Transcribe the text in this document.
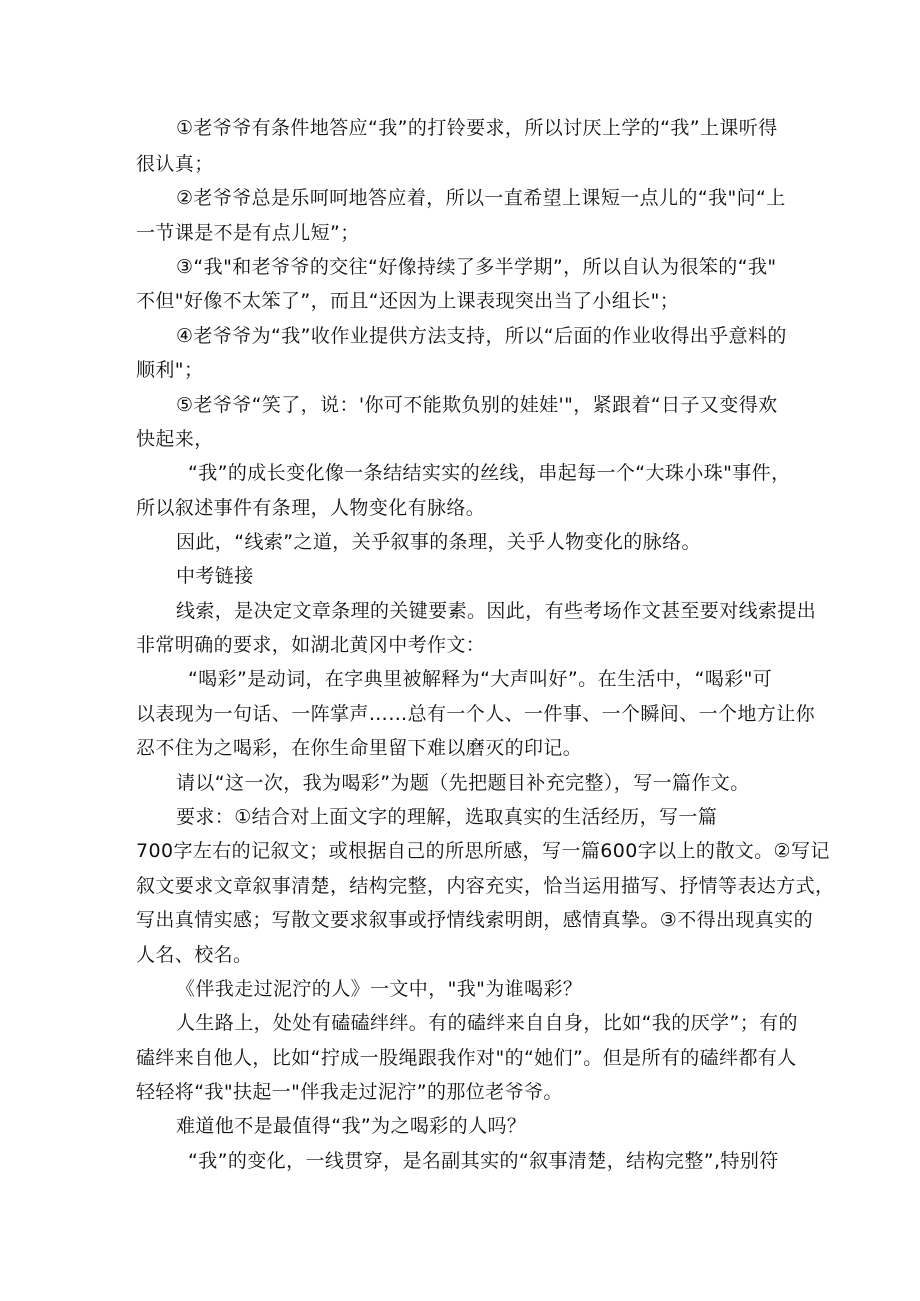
①老爷爷有条件地答应“我”的打铃要求，所以讨厌上学的“我”上课听得
很认真；
②老爷爷总是乐呵呵地答应着，所以一直希望上课短一点儿的“我"问“上
一节课是不是有点儿短”；
③“我"和老爷爷的交往“好像持续了多半学期”，所以自认为很笨的“我"
不但"好像不太笨了”，而且“还因为上课表现突出当了小组长"；
④老爷爷为“我”收作业提供方法支持，所以“后面的作业收得出乎意料的
顺利"；
⑤老爷爷“笑了，说：'你可不能欺负别的娃娃'"，紧跟着“日子又变得欢
快起来，
“我”的成长变化像一条结结实实的丝线，串起每一个“大珠小珠"事件，
所以叙述事件有条理，人物变化有脉络。
因此，“线索”之道，关乎叙事的条理，关乎人物变化的脉络。
中考链接
线索，是决定文章条理的关键要素。因此，有些考场作文甚至要对线索提出
非常明确的要求，如湖北黄冈中考作文：
“喝彩”是动词，在字典里被解释为“大声叫好”。在生活中，“喝彩"可
以表现为一句话、一阵掌声……总有一个人、一件事、一个瞬间、一个地方让你
忍不住为之喝彩，在你生命里留下难以磨灭的印记。
请以“这一次，我为喝彩”为题（先把题目补充完整），写一篇作文。
要求：①结合对上面文字的理解，选取真实的生活经历，写一篇
700字左右的记叙文；或根据自己的所思所感，写一篇600字以上的散文。②写记
叙文要求文章叙事清楚，结构完整，内容充实，恰当运用描写、抒情等表达方式，
写出真情实感；写散文要求叙事或抒情线索明朗，感情真挚。③不得出现真实的
人名、校名。
《伴我走过泥泞的人》一文中，"我"为谁喝彩？
人生路上，处处有磕磕绊绊。有的磕绊来自自身，比如“我的厌学”；有的
磕绊来自他人，比如“拧成一股绳跟我作对"的“她们”。但是所有的磕绊都有人
轻轻将“我"扶起一"伴我走过泥泞”的那位老爷爷。
难道他不是最值得“我”为之喝彩的人吗？
“我”的变化，一线贯穿，是名副其实的“叙事清楚，结构完整”,特别符
